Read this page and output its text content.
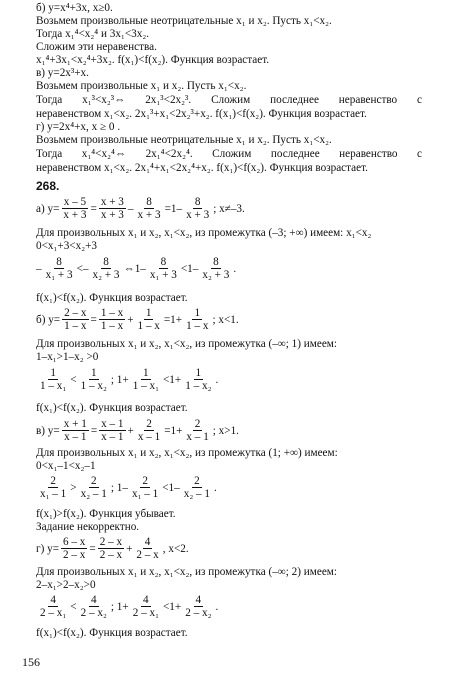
б) y=x⁴+3x, x≥0.
Возьмем произвольные неотрицательные x₁ и x₂. Пусть x₁<x₂.
Тогда x₁⁴<x₂⁴ и 3x₁<3x₂.
Сложим эти неравенства.
x₁⁴+3x₁<x₂⁴+3x₂. f(x₁)<f(x₂). Функция возрастает.
в) y=2x³+x.
Возьмем произвольные x₁ и x₂. Пусть x₁<x₂.
Тогда x₁³<x₂³⇔ 2x₁³<2x₂³. Сложим последнее неравенство с
неравенством x₁<x₂. 2x₁³+x₁<2x₂³+x₂. f(x₁)<f(x₂). Функция возрастает.
г) y=2x⁴+x, x ≥ 0 .
Возьмем произвольные неотрицательные x₁ и x₂. Пусть x₁<x₂.
Тогда x₁⁴<x₂⁴⇔ 2x₁⁴<2x₂⁴. Сложим последнее неравенство с
неравенством x₁<x₂. 2x₁⁴+x₁<2x₂⁴+x₂. f(x₁)<f(x₂). Функция возрастает.
268.
а) $y= \frac{x - 5}{x + 3} = \frac{x + 3}{x + 3} - \frac{8}{x + 3} =1- \frac{8}{x + 3}$ ; x≠–3.
Для произвольных x₁ и x₂, x₁<x₂, из промежутка (–3; +∞) имеем: x₁<x₂
0<x₁+3<x₂+3
– $\frac{8}{\text{x₁ + 3}} <- \frac{8}{\text{x₂ + 3}}$ ⇔1– $\frac{8}{\text{x₁ + 3}} <1- \frac{8}{\text{x₂ + 3}}$ .
f(x₁)<f(x₂). Функция возрастает.
б) $y= \frac{2 - x}{1 - x} = \frac{1 - x}{1 - x} + \frac{1}{1 - x} =1+ \frac{1}{1 - x}$ ; x<1.
Для произвольных x₁ и x₂, x₁<x₂, из промежутка (–∞; 1) имеем:
1–x₁>1–x₂ >0
$\frac{1}{\text{1 – x₁}} < \frac{1}{\text{1 – x₂}}$ ; $1+ \frac{1}{\text{1 – x₁}} <1+ \frac{1}{\text{1 – x₂}}$ .
f(x₁)<f(x₂). Функция возрастает.
в) $y= \frac{x + 1}{x - 1} = \frac{x - 1}{x - 1} + \frac{2}{x - 1} =1+ \frac{2}{x - 1}$ ; x>1.
Для произвольных x₁ и x₂, x₁<x₂, из промежутка (1; +∞) имеем:
0<x₁–1<x₂–1
$\frac{2}{\text{x₁ – 1}} > \frac{2}{\text{x₂ – 1}}$ ; $1- \frac{2}{\text{x₁ – 1}} <1- \frac{2}{\text{x₂ – 1}}$ .
f(x₁)>f(x₂). Функция убывает.
Задание некорректно.
г) $y= \frac{6 - x}{2 - x} = \frac{2 - x}{2 - x} + \frac{4}{2 - x}$ , x<2.
Для произвольных x₁ и x₂, x₁<x₂, из промежутка (–∞; 2) имеем:
2–x₁>2–x₂>0
$\frac{4}{\text{2 – x₁}} < \frac{4}{\text{2 – x₂}}$ ; $1+ \frac{4}{\text{2 – x₁}} <1+ \frac{4}{\text{2 – x₂}}$ .
f(x₁)<f(x₂). Функция возрастает.
156
